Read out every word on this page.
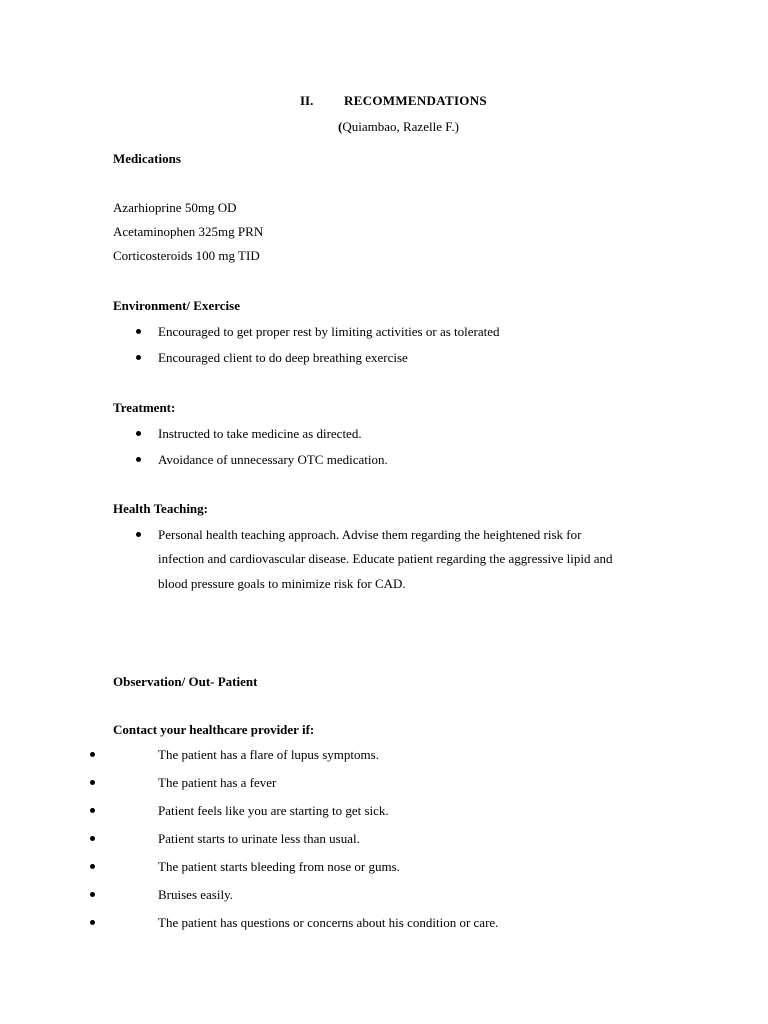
II. RECOMMENDATIONS
(Quiambao, Razelle F.)
Medications
Azarhioprine 50mg OD
Acetaminophen 325mg PRN
Corticosteroids 100 mg TID
Environment/ Exercise
Encouraged to get proper rest by limiting activities or as tolerated
Encouraged client to do deep breathing exercise
Treatment:
Instructed to take medicine as directed.
Avoidance of unnecessary OTC medication.
Health Teaching:
Personal health teaching approach. Advise them regarding the heightened risk for
infection and cardiovascular disease. Educate patient regarding the aggressive lipid and
blood pressure goals to minimize risk for CAD.
Observation/ Out- Patient
Contact your healthcare provider if:
The patient has a flare of lupus symptoms.
The patient has a fever
Patient feels like you are starting to get sick.
Patient starts to urinate less than usual.
The patient starts bleeding from nose or gums.
Bruises easily.
The patient has questions or concerns about his condition or care.
